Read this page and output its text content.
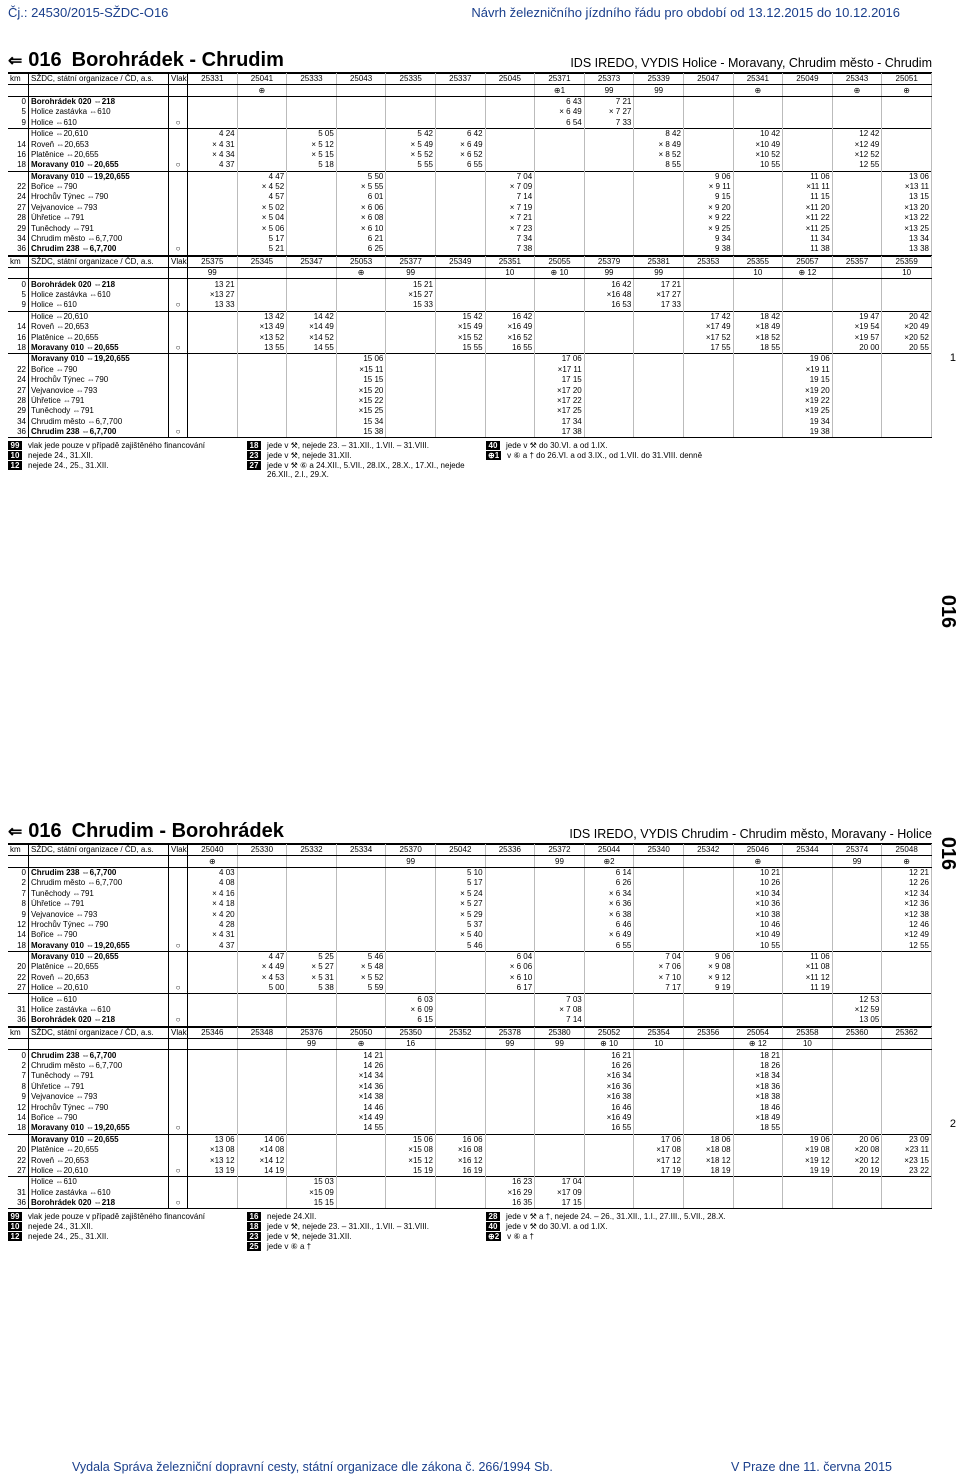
Čj.: 24530/2015-SŽDC-O16	Návrh železničního jízdního řádu pro období od 13.12.2015 do 10.12.2016
⇐ 016 Borohrádek - Chrudim	IDS IREDO, VYDIS Holice - Moravany, Chrudim město - Chrudim
km	SŽDC, státní organizace / ČD, a.s.	Vlak	25331	25041	25333	25043	25335	25337	25045	25371	25373	25339	25047	25341	25049	25343	25051
				⊕						⊕1	99	99		⊕		⊕	⊕
0	Borohrádek 020 ⇔218									6 43	7 21						
5	Holice zastávka ⇔610									× 6 49	× 7 27						
9	Holice ⇔610	○								6 54	7 33						
	Holice ⇔20,610		4 24		5 05		5 42	6 42				8 42		10 42		12 42	
14	Roveň ⇔20,653		× 4 31		× 5 12		× 5 49	× 6 49				× 8 49		×10 49		×12 49	
16	Platěnice ⇔20,655		× 4 34		× 5 15		× 5 52	× 6 52				× 8 52		×10 52		×12 52	
18	Moravany 010 ⇔20,655	○	4 37		5 18		5 55	6 55				8 55		10 55		12 55	
	Moravany 010 ⇔19,20,655			4 47		5 50			7 04				9 06		11 06		13 06
22	Bořice ⇔790			× 4 52		× 5 55			× 7 09				× 9 11		×11 11		×13 11
24	Hrochův Týnec ⇔790			4 57		6 01			7 14				9 15		11 15		13 15
27	Vejvanovice ⇔793			× 5 02		× 6 06			× 7 19				× 9 20		×11 20		×13 20
28	Úhřetice ⇔791			× 5 04		× 6 08			× 7 21				× 9 22		×11 22		×13 22
29	Tuněchody ⇔791			× 5 06		× 6 10			× 7 23				× 9 25		×11 25		×13 25
34	Chrudim město ⇔6,7,700			5 17		6 21			7 34				9 34		11 34		13 34
36	Chrudim 238 ⇔6,7,700	○		5 21		6 25			7 38				9 38		11 38		13 38
km	SŽDC, státní organizace / ČD, a.s.	Vlak	25375	25345	25347	25053	25377	25349	25351	25055	25379	25381	25353	25355	25057	25357	25359
			99			⊕	99		10	⊕ 10	99	99		10	⊕ 12		10
0	Borohrádek 020 ⇔218		13 21				15 21				16 42	17 21					
5	Holice zastávka ⇔610		×13 27				×15 27				×16 48	×17 27					
9	Holice ⇔610	○	13 33				15 33				16 53	17 33					
	Holice ⇔20,610			13 42	14 42			15 42	16 42				17 42	18 42		19 47	20 42
14	Roveň ⇔20,653			×13 49	×14 49			×15 49	×16 49				×17 49	×18 49		×19 54	×20 49
16	Platěnice ⇔20,655			×13 52	×14 52			×15 52	×16 52				×17 52	×18 52		×19 57	×20 52
18	Moravany 010 ⇔20,655	○		13 55	14 55			15 55	16 55				17 55	18 55		20 00	20 55
	Moravany 010 ⇔19,20,655					15 06				17 06					19 06		
22	Bořice ⇔790					×15 11				×17 11					×19 11		
24	Hrochův Týnec ⇔790					15 15				17 15					19 15		
27	Vejvanovice ⇔793					×15 20				×17 20					×19 20		
28	Úhřetice ⇔791					×15 22				×17 22					×19 22		
29	Tuněchody ⇔791					×15 25				×17 25					×19 25		
34	Chrudim město ⇔6,7,700					15 34				17 34					19 34		
36	Chrudim 238 ⇔6,7,700	○				15 38				17 38					19 38		
99	vlak jede pouze v případě zajištěného financování
10	nejede 24., 31.XII.
12	nejede 24., 25., 31.XII.
18	jede v ⚒, nejede 23. – 31.XII., 1.VII. – 31.VIII.
23	jede v ⚒, nejede 31.XII.
27	jede v ⚒ ⑥ a 24.XII., 5.VII., 28.IX., 28.X., 17.XI., nejede 26.XII., 2.I., 29.X.
40	jede v ⚒ do 30.VI. a od 1.IX.
⊕1 v ⑥ a † do 26.VI. a od 3.IX., od 1.VII. do 31.VIII. denně
⇐ 016 Chrudim - Borohrádek	IDS IREDO, VYDIS Chrudim - Chrudim město, Moravany - Holice
km	SŽDC, státní organizace / ČD, a.s.	Vlak	25040	25330	25332	25334	25370	25042	25336	25372	25044	25340	25342	25046	25344	25374	25048
			⊕				99			99	⊕2			⊕		99	⊕
0	Chrudim 238 ⇔6,7,700		4 03					5 10			6 14			10 21			12 21
2	Chrudim město ⇔6,7,700		4 08					5 17			6 26			10 26			12 26
7	Tuněchody ⇔791		× 4 16					× 5 24			× 6 34			×10 34			×12 34
8	Úhřetice ⇔791		× 4 18					× 5 27			× 6 36			×10 36			×12 36
9	Vejvanovice ⇔793		× 4 20					× 5 29			× 6 38			×10 38			×12 38
12	Hrochův Týnec ⇔790		4 28					5 37			6 46			10 46			12 46
14	Bořice ⇔790		× 4 31					× 5 40			× 6 49			×10 49			×12 49
18	Moravany 010 ⇔19,20,655	○	4 37					5 46			6 55			10 55			12 55
	Moravany 010 ⇔20,655			4 47	5 25	5 46			6 04			7 04	9 06		11 06		
20	Platěnice ⇔20,655			× 4 49	× 5 27	× 5 48			× 6 06			× 7 06	× 9 08		×11 08		
22	Roveň ⇔20,653			× 4 53	× 5 31	× 5 52			× 6 10			× 7 10	× 9 12		×11 12		
27	Holice ⇔20,610	○		5 00	5 38	5 59			6 17			7 17	9 19		11 19		
	Holice ⇔610						6 03			7 03						12 53	
31	Holice zastávka ⇔610						× 6 09			× 7 08						×12 59	
36	Borohrádek 020 ⇔218	○					6 15			7 14						13 05	
km	SŽDC, státní organizace / ČD, a.s.	Vlak	25346	25348	25376	25050	25350	25352	25378	25380	25052	25354	25356	25054	25358	25360	25362
					99	⊕	16		99	99	⊕ 10	10		⊕ 12	10		
0	Chrudim 238 ⇔6,7,700					14 21					16 21			18 21			
2	Chrudim město ⇔6,7,700					14 26					16 26			18 26			
7	Tuněchody ⇔791					×14 34					×16 34			×18 34			
8	Úhřetice ⇔791					×14 36					×16 36			×18 36			
9	Vejvanovice ⇔793					×14 38					×16 38			×18 38			
12	Hrochův Týnec ⇔790					14 46					16 46			18 46			
14	Bořice ⇔790					×14 49					×16 49			×18 49			
18	Moravany 010 ⇔19,20,655	○				14 55					16 55			18 55			
	Moravany 010 ⇔20,655		13 06	14 06			15 06	16 06				17 06	18 06		19 06	20 06	23 09
20	Platěnice ⇔20,655		×13 08	×14 08			×15 08	×16 08				×17 08	×18 08		×19 08	×20 08	×23 11
22	Roveň ⇔20,653		×13 12	×14 12			×15 12	×16 12				×17 12	×18 12		×19 12	×20 12	×23 15
27	Holice ⇔20,610	○	13 19	14 19			15 19	16 19				17 19	18 19		19 19	20 19	23 22
	Holice ⇔610				15 03				16 23	17 04							
31	Holice zastávka ⇔610				×15 09				×16 29	×17 09							
36	Borohrádek 020 ⇔218	○			15 15				16 35	17 15							
99	vlak jede pouze v případě zajištěného financování
10	nejede 24., 31.XII.
12	nejede 24., 25., 31.XII.
16	nejede 24.XII.
18	jede v ⚒, nejede 23. – 31.XII., 1.VII. – 31.VIII.
23	jede v ⚒, nejede 31.XII.
25	jede v ⑥ a †
28	jede v ⚒ a †, nejede 24. – 26., 31.XII., 1.I., 27.III., 5.VII., 28.X.
40	jede v ⚒ do 30.VI. a od 1.IX.
⊕2 v ⑥ a †
1
016
016
2
Vydala Správa železniční dopravní cesty, státní organizace dle zákona č. 266/1994 Sb.	V Praze dne 11. června 2015
